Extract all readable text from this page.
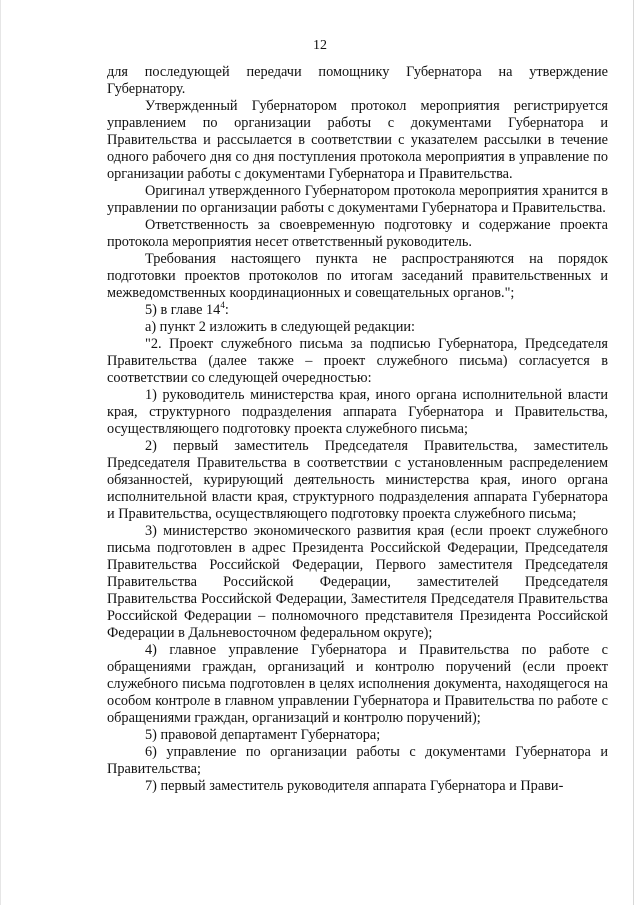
12

для последующей передачи помощнику Губернатора на утверждение Губернатору.

Утвержденный Губернатором протокол мероприятия регистрируется управлением по организации работы с документами Губернатора и Правительства и рассылается в соответствии с указателем рассылки в течение одного рабочего дня со дня поступления протокола мероприятия в управление по организации работы с документами Губернатора и Правительства.

Оригинал утвержденного Губернатором протокола мероприятия хранится в управлении по организации работы с документами Губернатора и Правительства.

Ответственность за своевременную подготовку и содержание проекта протокола мероприятия несет ответственный руководитель.

Требования настоящего пункта не распространяются на порядок подготовки проектов протоколов по итогам заседаний правительственных и межведомственных координационных и совещательных органов.";

5) в главе $14^4$:

а) пункт 2 изложить в следующей редакции:

"2. Проект служебного письма за подписью Губернатора, Председателя Правительства (далее также – проект служебного письма) согласуется в соответствии со следующей очередностью:

1) руководитель министерства края, иного органа исполнительной власти края, структурного подразделения аппарата Губернатора и Правительства, осуществляющего подготовку проекта служебного письма;

2) первый заместитель Председателя Правительства, заместитель Председателя Правительства в соответствии с установленным распределением обязанностей, курирующий деятельность министерства края, иного органа исполнительной власти края, структурного подразделения аппарата Губернатора и Правительства, осуществляющего подготовку проекта служебного письма;

3) министерство экономического развития края (если проект служебного письма подготовлен в адрес Президента Российской Федерации, Председателя Правительства Российской Федерации, Первого заместителя Председателя Правительства Российской Федерации, заместителей Председателя Правительства Российской Федерации, Заместителя Председателя Правительства Российской Федерации – полномочного представителя Президента Российской Федерации в Дальневосточном федеральном округе);

4) главное управление Губернатора и Правительства по работе с обращениями граждан, организаций и контролю поручений (если проект служебного письма подготовлен в целях исполнения документа, находящегося на особом контроле в главном управлении Губернатора и Правительства по работе с обращениями граждан, организаций и контролю поручений);

5) правовой департамент Губернатора;

6) управление по организации работы с документами Губернатора и Правительства;

7) первый заместитель руководителя аппарата Губернатора и Прави-
